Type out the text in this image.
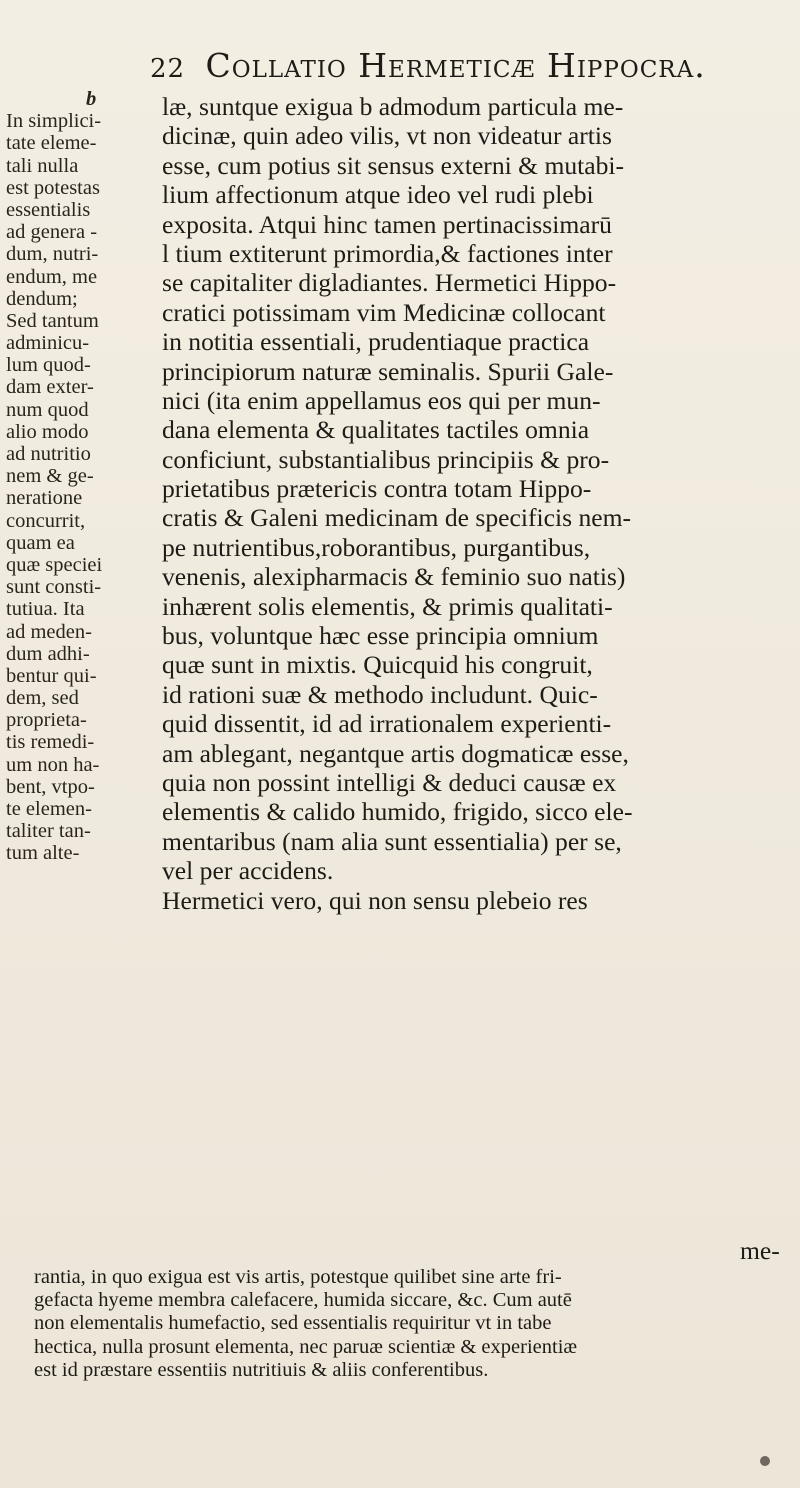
22 Collatio Hermeticæ Hippocra.
b
In simplici-
tate eleme-
tali nulla
est potestas
essentialis
ad genera -
dum, nutri-
endum, me
dendum;
Sed tantum
adminicu-
lum quod-
dam exter-
num quod
alio modo
ad nutritio
nem & ge-
neratione
concurrit,
quam ea
quæ speciei
sunt consti-
tutiua. Ita
ad meden-
dum adhi-
bentur qui-
dem, sed
proprieta-
tis remedi-
um non ha-
bent, vtpo-
te elemen-
taliter tan-
tum alte-
læ, suntque exigua b admodum particula me-
dicinæ, quin adeo vilis, vt non videatur artis
esse, cum potius sit sensus externi & mutabi-
lium affectionum atque ideo vel rudi plebi
exposita. Atqui hinc tamen pertinacissimarū
l tium extiterunt primordia,& factiones inter
se capitaliter digladiantes. Hermetici Hippo-
cratici potissimam vim Medicinæ collocant
in notitia essentiali, prudentiaque practica
principiorum naturæ seminalis. Spurii Gale-
nici (ita enim appellamus eos qui per mun-
dana elementa & qualitates tactiles omnia
conficiunt, substantialibus principiis & pro-
prietatibus prætericis contra totam Hippo-
cratis & Galeni medicinam de specificis nem-
pe nutrientibus,roborantibus, purgantibus,
venenis, alexipharmacis & feminio suo natis)
inhærent solis elementis, & primis qualitati-
bus, voluntque hæc esse principia omnium
quæ sunt in mixtis. Quicquid his congruit,
id rationi suæ & methodo includunt. Quic-
quid dissentit, id ad irrationalem experienti-
am ablegant, negantque artis dogmaticæ esse,
quia non possint intelligi & deduci causæ ex
elementis & calido humido, frigido, sicco ele-
mentaribus (nam alia sunt essentialia) per se,
vel per accidens.
Hermetici vero, qui non sensu plebeio res
me-
rantia, in quo exigua est vis artis, potestque quilibet sine arte fri-
gefacta hyeme membra calefacere, humida siccare, &c. Cum autē
non elementalis humefactio, sed essentialis requiritur vt in tabe
hectica, nulla prosunt elementa, nec paruæ scientiæ & experientiæ
est id præstare essentiis nutritiuis & aliis conferentibus.
